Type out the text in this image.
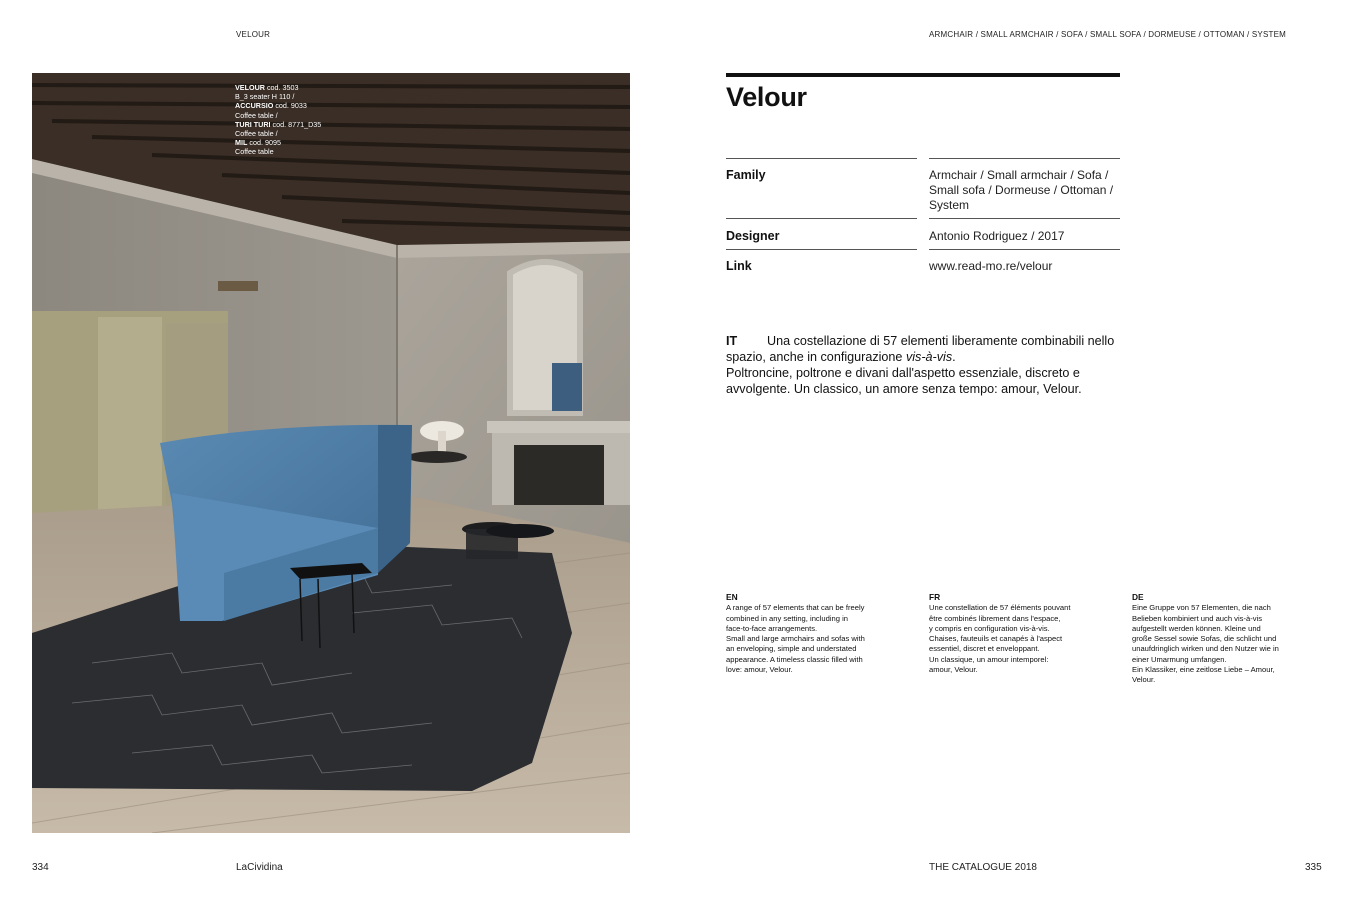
VELOUR	ARMCHAIR / SMALL ARMCHAIR / SOFA / SMALL SOFA / DORMEUSE / OTTOMAN / SYSTEM
VELOUR cod. 3503
B_3 seater H 110 /
ACCURSIO cod. 9033
Coffee table /
TURI TURI cod. 8771_D35
Coffee table /
MIL cod. 9095
Coffee table
Velour
Family	Armchair / Small armchair / Sofa / Small sofa / Dormeuse / Ottoman / System
Designer	Antonio Rodriguez / 2017
Link	www.read-mo.re/velour
IT Una costellazione di 57 elementi liberamente combinabili nello spazio, anche in configurazione vis-à-vis.
Poltroncine, poltrone e divani dall'aspetto essenziale, discreto e avvolgente. Un classico, un amore senza tempo: amour, Velour.
EN

A range of 57 elements that can be freely
combined in any setting, including in
face-to-face arrangements.
Small and large armchairs and sofas with
an enveloping, simple and understated
appearance. A timeless classic filled with
love: amour, Velour.

FR

Une constellation de 57 éléments pouvant
être combinés librement dans l'espace,
y compris en configuration vis-à-vis.
Chaises, fauteuils et canapés à l'aspect
essentiel, discret et enveloppant.
Un classique, un amour intemporel:
amour, Velour.

DE

Eine Gruppe von 57 Elementen, die nach
Belieben kombiniert und auch vis-à-vis
aufgestellt werden können. Kleine und
große Sessel sowie Sofas, die schlicht und
unaufdringlich wirken und den Nutzer wie in
einer Umarmung umfangen.
Ein Klassiker, eine zeitlose Liebe – Amour,
Velour.

334	LaCividina	THE CATALOGUE 2018	335
